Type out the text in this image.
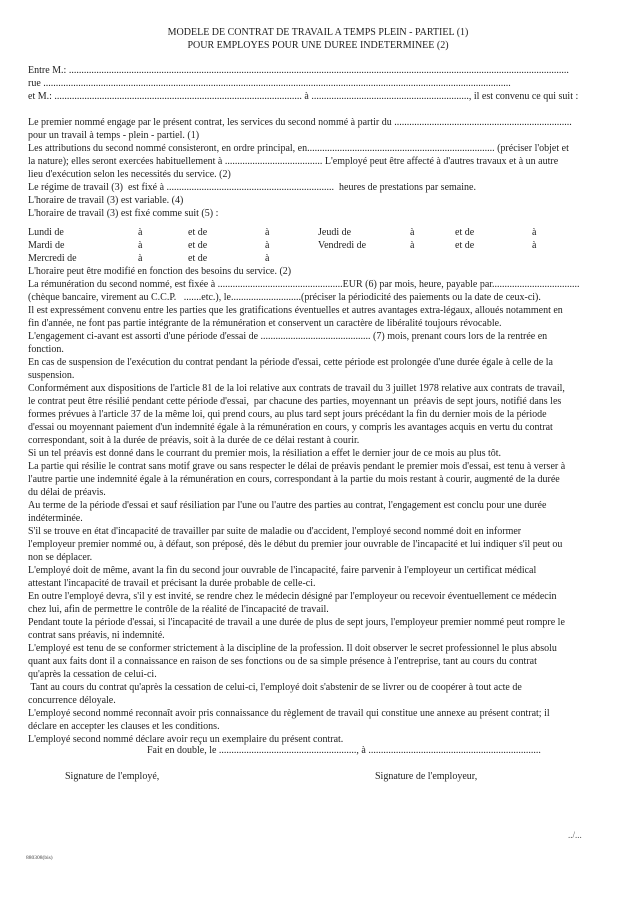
MODELE DE CONTRAT DE TRAVAIL A TEMPS PLEIN - PARTIEL (1)
POUR EMPLOYES POUR UNE DUREE INDETERMINEE (2)
Entre M.: ........................................................................................................................................................................................................
rue ...........................................................................................................................................................................................
et M.: ................................................................................................... à ..............................................................., il est convenu ce qui suit :
Le premier nommé engage par le présent contrat, les services du second nommé à partir du .......................................................................
pour un travail à temps - plein - partiel. (1)
Les attributions du second nommé consisteront, en ordre principal, en........................................................................... (préciser l'objet et
la nature); elles seront exercées habituellement à ....................................... L'employé peut être affecté à d'autres travaux et à un autre
lieu d'exécution selon les necessités du service. (2)
Le régime de travail (3)  est fixé à ...................................................................  heures de prestations par semaine.
L'horaire de travail (3) est variable. (4)
L'horaire de travail (3) est fixé comme suit (5) :
Lundi de	à	et de	à	Jeudi de	à	et de	à
Mardi de	à	et de	à	Vendredi de	à	et de	à
Mercredi de	à	et de	à
L'horaire peut être modifié en fonction des besoins du service. (2)
La rémunération du second nommé, est fixée à ..................................................EUR (6) par mois, heure, payable par...................................
(chèque bancaire, virement au C.C.P.   .......etc.), le............................(préciser la périodicité des paiements ou la date de ceux-ci).
Il est expressément convenu entre les parties que les gratifications éventuelles et autres avantages extra-légaux, alloués notamment en
fin d'année, ne font pas partie intégrante de la rémunération et conservent un caractère de libéralité toujours révocable.
L'engagement ci-avant est assorti d'une période d'essai de ............................................ (7) mois, prenant cours lors de la rentrée en
fonction.
En cas de suspension de l'exécution du contrat pendant la période d'essai, cette période est prolongée d'une durée égale à celle de la
suspension.
Conformément aux dispositions de l'article 81 de la loi relative aux contrats de travail du 3 juillet 1978 relative aux contrats de travail,
le contrat peut être résilié pendant cette période d'essai,  par chacune des parties, moyennant un  préavis de sept jours, notifié dans les
formes prévues à l'article 37 de la même loi, qui prend cours, au plus tard sept jours précédant la fin du dernier mois de la période
d'essai ou moyennant paiement d'un indemnité égale à la rémunération en cours, y compris les avantages acquis en vertu du contrat
correspondant, soit à la durée de préavis, soit à la durée de ce délai restant à courir.
Si un tel préavis est donné dans le courrant du premier mois, la résiliation a effet le dernier jour de ce mois au plus tôt.
La partie qui résilie le contrat sans motif grave ou sans respecter le délai de préavis pendant le premier mois d'essai, est tenu à verser à
l'autre partie une indemnité égale à la rémunération en cours, correspondant à la partie du mois restant à courir, augmenté de la durée
du délai de préavis.
Au terme de la période d'essai et sauf résiliation par l'une ou l'autre des parties au contrat, l'engagement est conclu pour une durée
indéterminée.
S'il se trouve en état d'incapacité de travailler par suite de maladie ou d'accident, l'employé second nommé doit en informer
l'employeur premier nommé ou, à défaut, son préposé, dès le début du premier jour ouvrable de l'incapacité et lui indiquer s'il peut ou
non se déplacer.
L'employé doit de même, avant la fin du second jour ouvrable de l'incapacité, faire parvenir à l'employeur un certificat médical
attestant l'incapacité de travail et précisant la durée probable de celle-ci.
En outre l'employé devra, s'il y est invité, se rendre chez le médecin désigné par l'employeur ou recevoir éventuellement ce médecin
chez lui, afin de permettre le contrôle de la réalité de l'incapacité de travail.
Pendant toute la période d'essai, si l'incapacité de travail a une durée de plus de sept jours, l'employeur premier nommé peut rompre le
contrat sans préavis, ni indemnité.
L'employé est tenu de se conformer strictement à la discipline de la profession. Il doit observer le secret professionnel le plus absolu
quant aux faits dont il a connaissance en raison de ses fonctions ou de sa simple présence à l'entreprise, tant au cours du contrat
qu'après la cessation de celui-ci.
Tant au cours du contrat qu'après la cessation de celui-ci, l'employé doit s'abstenir de se livrer ou de coopérer à tout acte de
concurrence déloyale.
L'employé second nommé reconnaît avoir pris connaissance du règlement de travail qui constitue une annexe au présent contrat; il
déclare en accepter les clauses et les conditions.
L'employé second nommé déclare avoir reçu un exemplaire du présent contrat.
Fait en double, le ......................................................., à .....................................................................
Signature de l'employé,	Signature de l'employeur,
../...
880308(bis)
